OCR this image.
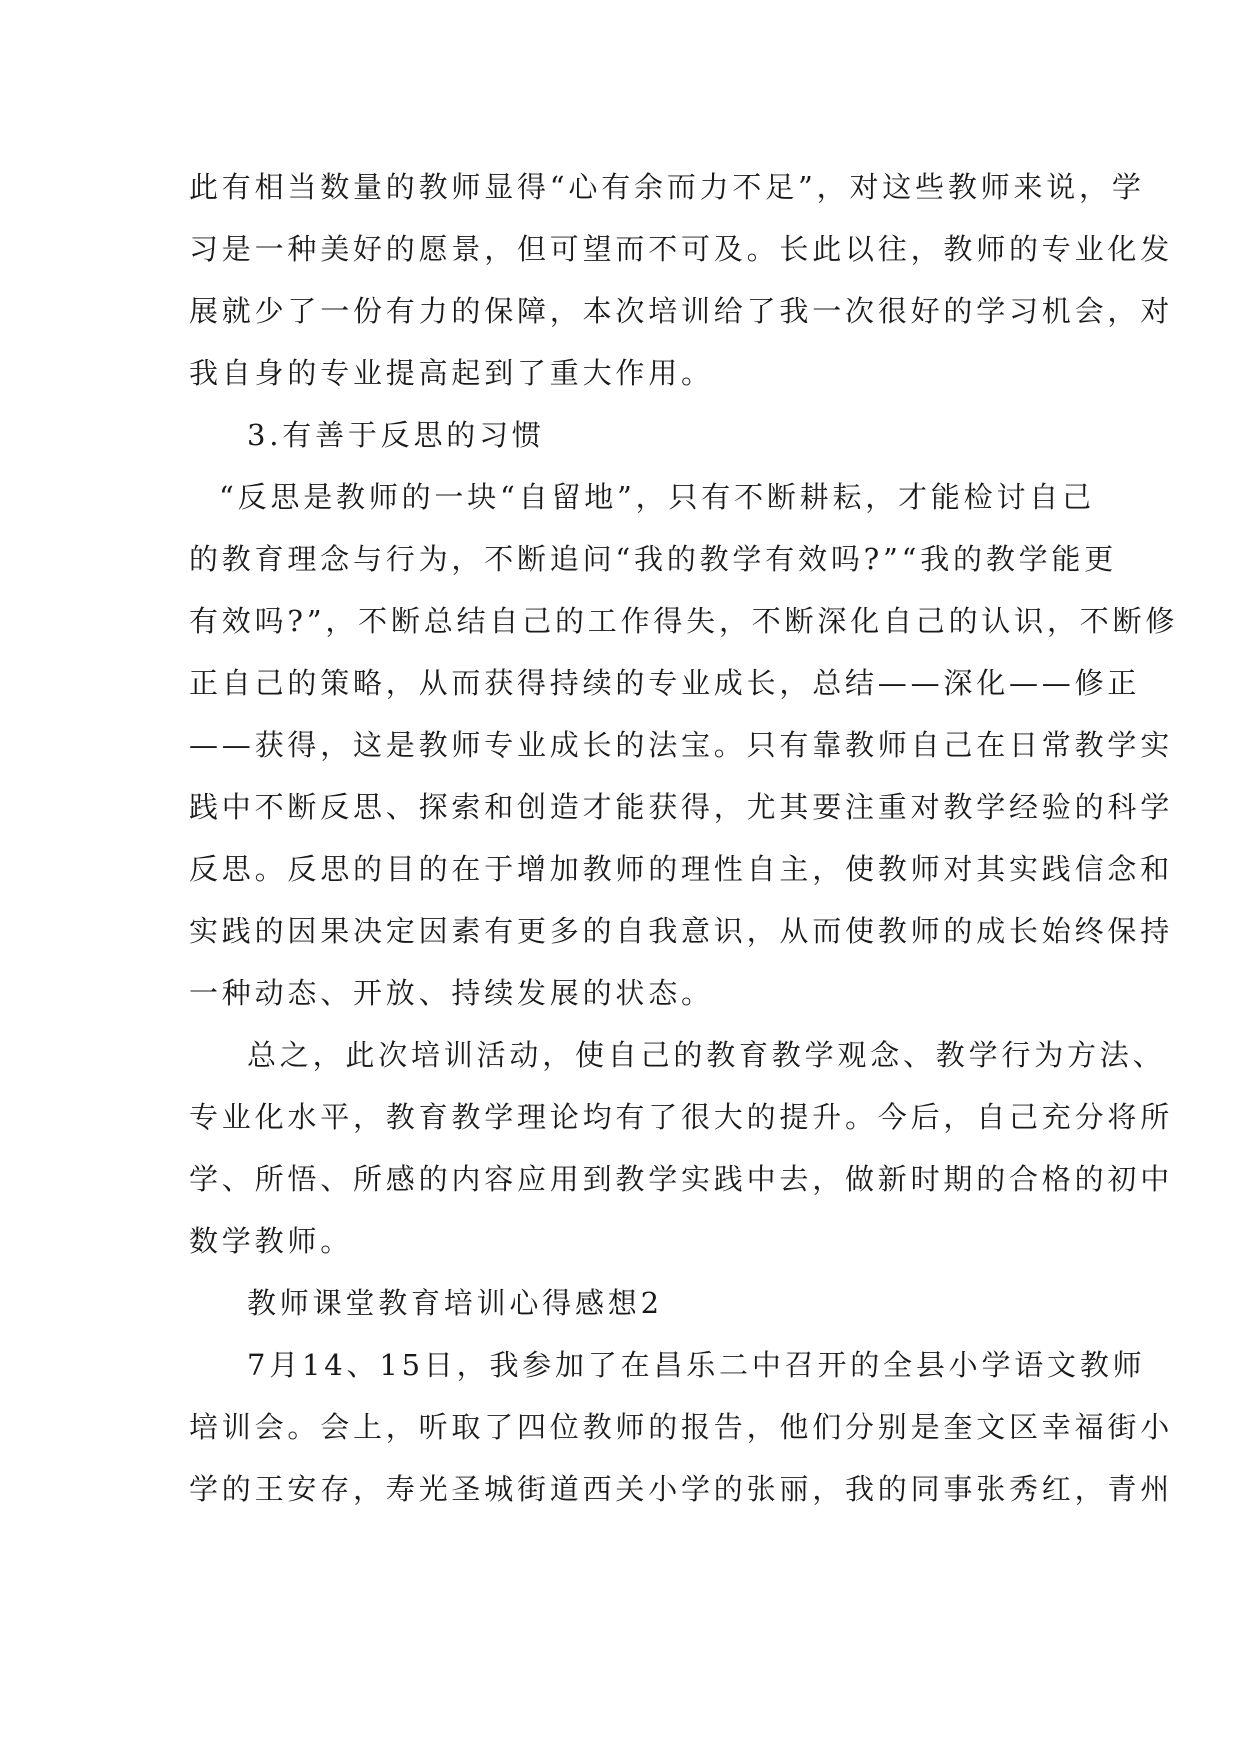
此有相当数量的教师显得“心有余而力不足”，对这些教师来说，学
习是一种美好的愿景，但可望而不可及。长此以往，教师的专业化发
展就少了一份有力的保障，本次培训给了我一次很好的学习机会，对
我自身的专业提高起到了重大作用。
3.有善于反思的习惯
“反思是教师的一块“自留地”，只有不断耕耘，才能检讨自己
的教育理念与行为，不断追问“我的教学有效吗?”“我的教学能更
有效吗?”，不断总结自己的工作得失，不断深化自己的认识，不断修
正自己的策略，从而获得持续的专业成长，总结——深化——修正
——获得，这是教师专业成长的法宝。只有靠教师自己在日常教学实
践中不断反思、探索和创造才能获得，尤其要注重对教学经验的科学
反思。反思的目的在于增加教师的理性自主，使教师对其实践信念和
实践的因果决定因素有更多的自我意识，从而使教师的成长始终保持
一种动态、开放、持续发展的状态。
总之，此次培训活动，使自己的教育教学观念、教学行为方法、
专业化水平，教育教学理论均有了很大的提升。今后，自己充分将所
学、所悟、所感的内容应用到教学实践中去，做新时期的合格的初中
数学教师。
教师课堂教育培训心得感想2
7月14、15日，我参加了在昌乐二中召开的全县小学语文教师
培训会。会上，听取了四位教师的报告，他们分别是奎文区幸福街小
学的王安存，寿光圣城街道西关小学的张丽，我的同事张秀红，青州
